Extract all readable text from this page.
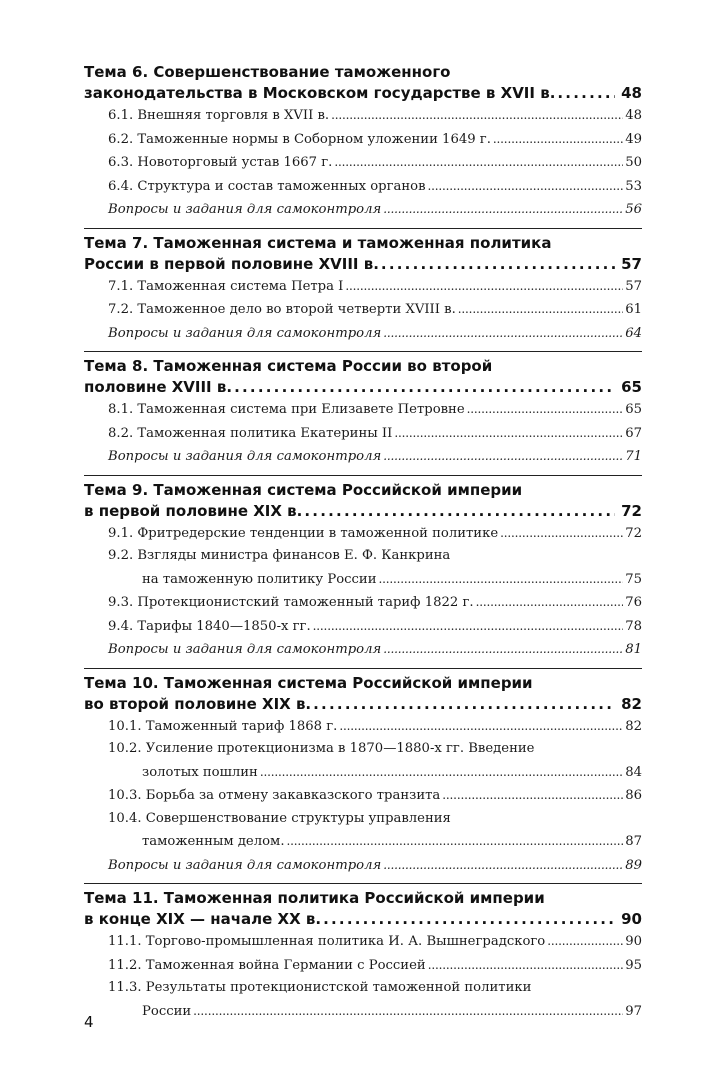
Тема 6. Совершенствование таможенного
законодательства в Московском государстве в XVII в. . . .	48
6.1. Внешняя торговля в XVII в. . . .	48
6.2. Таможенные нормы в Соборном уложении 1649 г. . . .	49
6.3. Новоторговый устав 1667 г. . . .	50
6.4. Структура и состав таможенных органов . . .	53
Вопросы и задания для самоконтроля . . .	56
Тема 7. Таможенная система и таможенная политика
России в первой половине XVIII в. . . .	57
7.1. Таможенная система Петра I . . .	57
7.2. Таможенное дело во второй четверти XVIII в. . . .	61
Вопросы и задания для самоконтроля . . .	64
Тема 8. Таможенная система России во второй
половине XVIII в. . . .	65
8.1. Таможенная система при Елизавете Петровне . . .	65
8.2. Таможенная политика Екатерины II . . .	67
Вопросы и задания для самоконтроля . . .	71
Тема 9. Таможенная система Российской империи
в первой половине XIX в. . . .	72
9.1. Фритредерские тенденции в таможенной политике . . .	72
9.2. Взгляды министра финансов Е. Ф. Канкрина
на таможенную политику России . . .	75
9.3. Протекционистский таможенный тариф 1822 г. . . .	76
9.4. Тарифы 1840—1850-х гг. . . .	78
Вопросы и задания для самоконтроля . . .	81
Тема 10. Таможенная система Российской империи
во второй половине XIX в. . . .	82
10.1. Таможенный тариф 1868 г. . . .	82
10.2. Усиление протекционизма в 1870—1880-х гг. Введение
золотых пошлин . . .	84
10.3. Борьба за отмену закавказского транзита . . .	86
10.4. Совершенствование структуры управления
таможенным делом. . . .	87
Вопросы и задания для самоконтроля . . .	89
Тема 11. Таможенная политика Российской империи
в конце XIX — начале XX в. . . .	90
11.1. Торгово-промышленная политика И. А. Вышнеградского . . .	90
11.2. Таможенная война Германии с Россией . . .	95
11.3. Результаты протекционистской таможенной политики
России . . .	97
4
